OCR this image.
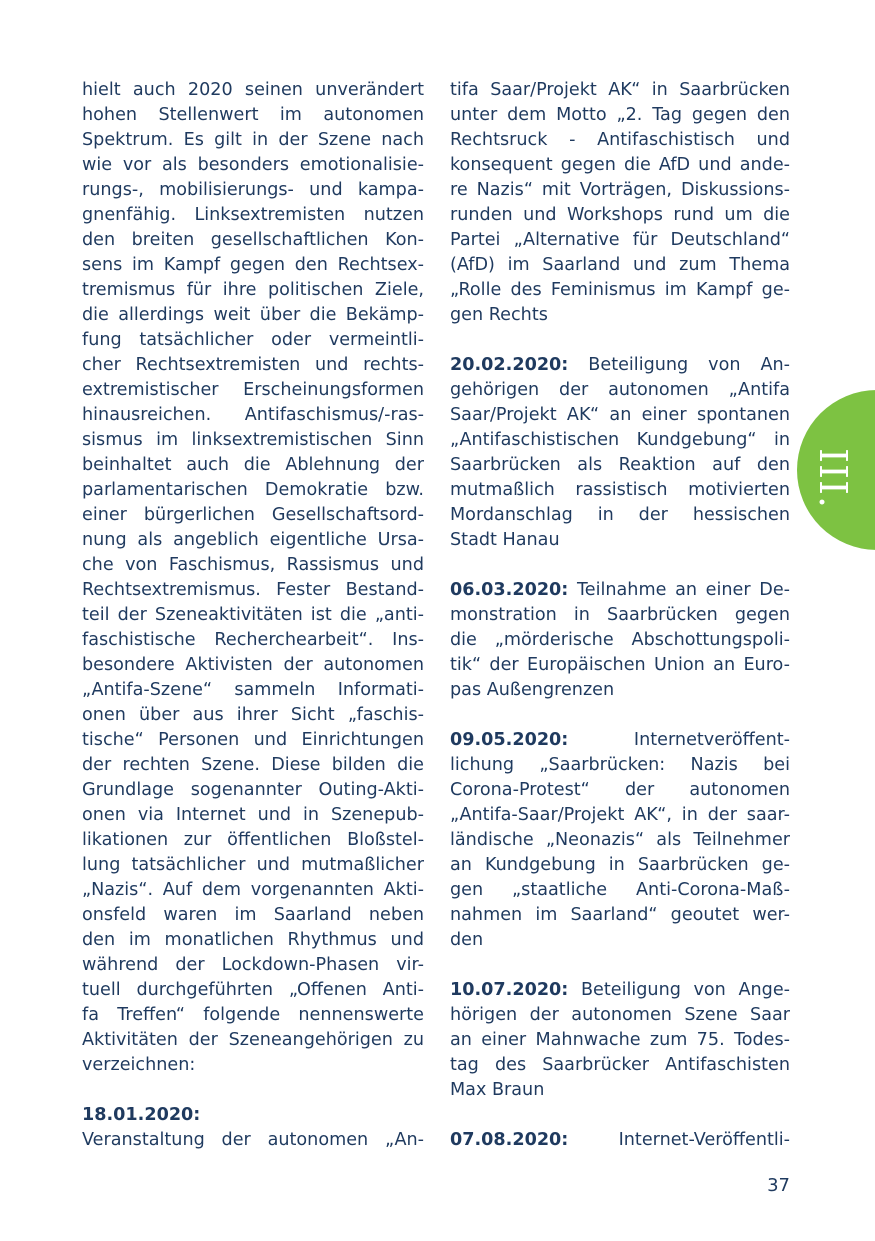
hielt auch 2020 seinen unverändert

hohen Stellenwert im autonomen

Spektrum. Es gilt in der Szene nach

wie vor als besonders emotionalisie-

rungs-, mobilisierungs- und kampa-

gnenfähig. Linksextremisten nutzen

den breiten gesellschaftlichen Kon-

sens im Kampf gegen den Rechtsex-

tremismus für ihre politischen Ziele,

die allerdings weit über die Bekämp-

fung tatsächlicher oder vermeintli-

cher Rechtsextremisten und rechts-

extremistischer Erscheinungsformen

hinausreichen. Antifaschismus/-ras-

sismus im linksextremistischen Sinn

beinhaltet auch die Ablehnung der

parlamentarischen Demokratie bzw.

einer bürgerlichen Gesellschaftsord-

nung als angeblich eigentliche Ursa-

che von Faschismus, Rassismus und

Rechtsextremismus. Fester Bestand-

teil der Szeneaktivitäten ist die „anti-

faschistische Recherchearbeit“. Ins-

besondere Aktivisten der autonomen

„Antifa-Szene“ sammeln Informati-

onen über aus ihrer Sicht „faschis-

tische“ Personen und Einrichtungen

der rechten Szene. Diese bilden die

Grundlage sogenannter Outing-Akti-

onen via Internet und in Szenepub-

likationen zur öffentlichen Bloßstel-

lung tatsächlicher und mutmaßlicher

„Nazis“. Auf dem vorgenannten Akti-

onsfeld waren im Saarland neben

den im monatlichen Rhythmus und

während der Lockdown-Phasen vir-

tuell durchgeführten „Offenen Anti-

fa Treffen“ folgende nennenswerte

Aktivitäten der Szeneangehörigen zu

verzeichnen:

18.01.2020:

Veranstaltung der autonomen „An-

tifa Saar/Projekt AK“ in Saarbrücken

unter dem Motto „2. Tag gegen den

Rechtsruck - Antifaschistisch und

konsequent gegen die AfD und ande-

re Nazis“ mit Vorträgen, Diskussions-

runden und Workshops rund um die

Partei „Alternative für Deutschland“

(AfD) im Saarland und zum Thema

„Rolle des Feminismus im Kampf ge-

gen Rechts

20.02.2020: Beteiligung von An-

gehörigen der autonomen „Antifa

Saar/Projekt AK“ an einer spontanen

„Antifaschistischen Kundgebung“ in

Saarbrücken als Reaktion auf den

mutmaßlich rassistisch motivierten

Mordanschlag in der hessischen

Stadt Hanau

06.03.2020: Teilnahme an einer De-

monstration in Saarbrücken gegen

die „mörderische Abschottungspoli-

tik“ der Europäischen Union an Euro-

pas Außengrenzen

09.05.2020: Internetveröffent-

lichung „Saarbrücken: Nazis bei

Corona-Protest“ der autonomen

„Antifa-Saar/Projekt AK“, in der saar-

ländische „Neonazis“ als Teilnehmer

an Kundgebung in Saarbrücken ge-

gen „staatliche Anti-Corona-Maß-

nahmen im Saarland“ geoutet wer-

den

10.07.2020: Beteiligung von Ange-

hörigen der autonomen Szene Saar

an einer Mahnwache zum 75. Todes-

tag des Saarbrücker Antifaschisten

Max Braun

07.08.2020: Internet-Veröffentli-

III.
37
